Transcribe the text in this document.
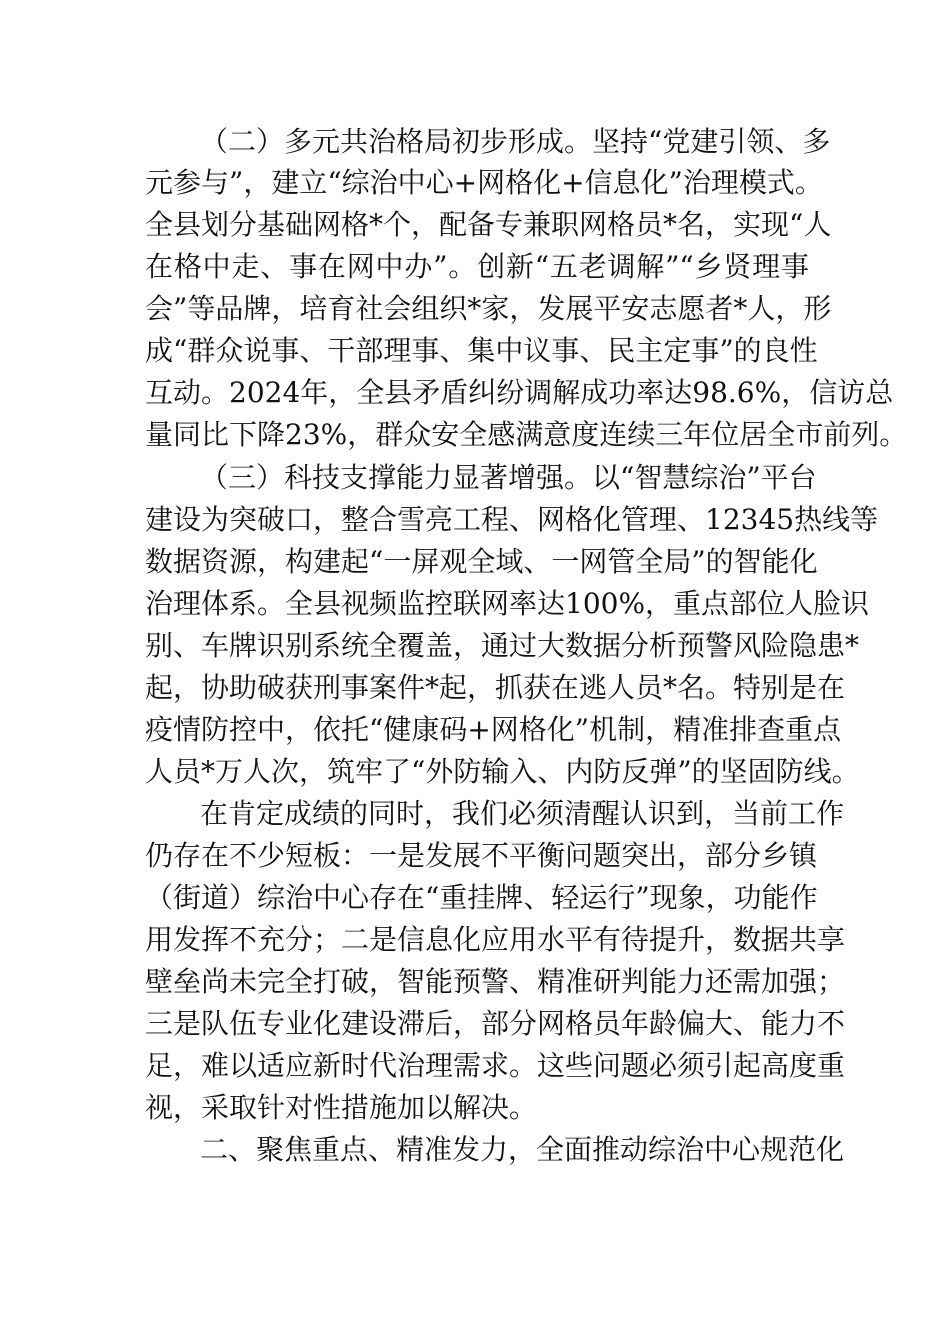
（二）多元共治格局初步形成。坚持“党建引领、多
元参与”，建立“综治中心+网格化+信息化”治理模式。
全县划分基础网格*个，配备专兼职网格员*名，实现“人
在格中走、事在网中办”。创新“五老调解”“乡贤理事
会”等品牌，培育社会组织*家，发展平安志愿者*人，形
成“群众说事、干部理事、集中议事、民主定事”的良性
互动。2024年，全县矛盾纠纷调解成功率达98.6%，信访总
量同比下降23%，群众安全感满意度连续三年位居全市前列。
（三）科技支撑能力显著增强。以“智慧综治”平台
建设为突破口，整合雪亮工程、网格化管理、12345热线等
数据资源，构建起“一屏观全域、一网管全局”的智能化
治理体系。全县视频监控联网率达100%，重点部位人脸识
别、车牌识别系统全覆盖，通过大数据分析预警风险隐患*
起，协助破获刑事案件*起，抓获在逃人员*名。特别是在
疫情防控中，依托“健康码+网格化”机制，精准排查重点
人员*万人次，筑牢了“外防输入、内防反弹”的坚固防线。
在肯定成绩的同时，我们必须清醒认识到，当前工作
仍存在不少短板：一是发展不平衡问题突出，部分乡镇
（街道）综治中心存在“重挂牌、轻运行”现象，功能作
用发挥不充分；二是信息化应用水平有待提升，数据共享
壁垒尚未完全打破，智能预警、精准研判能力还需加强；
三是队伍专业化建设滞后，部分网格员年龄偏大、能力不
足，难以适应新时代治理需求。这些问题必须引起高度重
视，采取针对性措施加以解决。
二、聚焦重点、精准发力，全面推动综治中心规范化
